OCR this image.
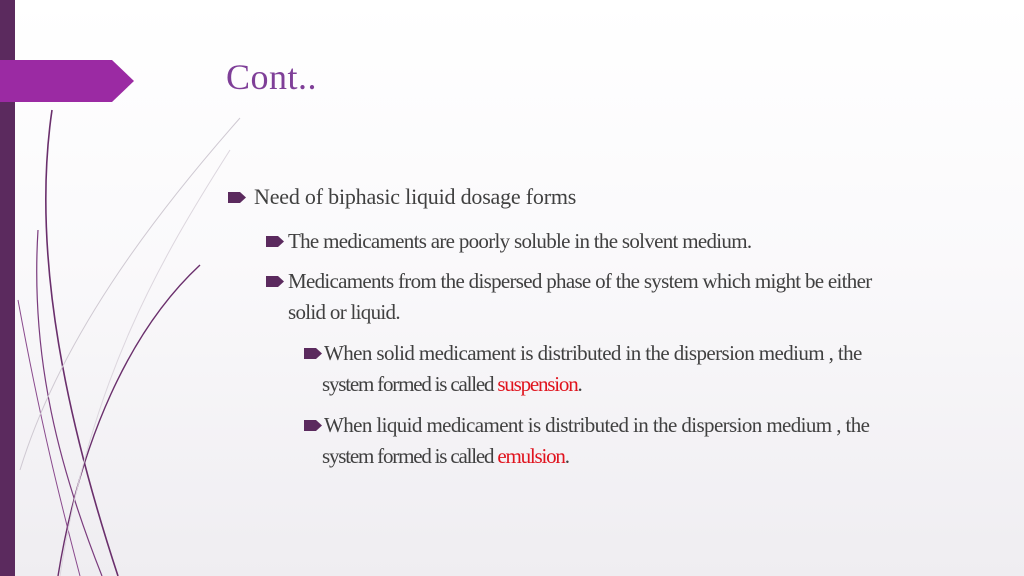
Cont..
Need of biphasic liquid dosage forms
The medicaments are poorly soluble in the solvent medium.
Medicaments from the dispersed phase of the system which might be either
solid or liquid.
When solid medicament is distributed in the dispersion medium , the
system formed is called suspension.
When liquid medicament is distributed in the dispersion medium , the
system formed is called emulsion.
